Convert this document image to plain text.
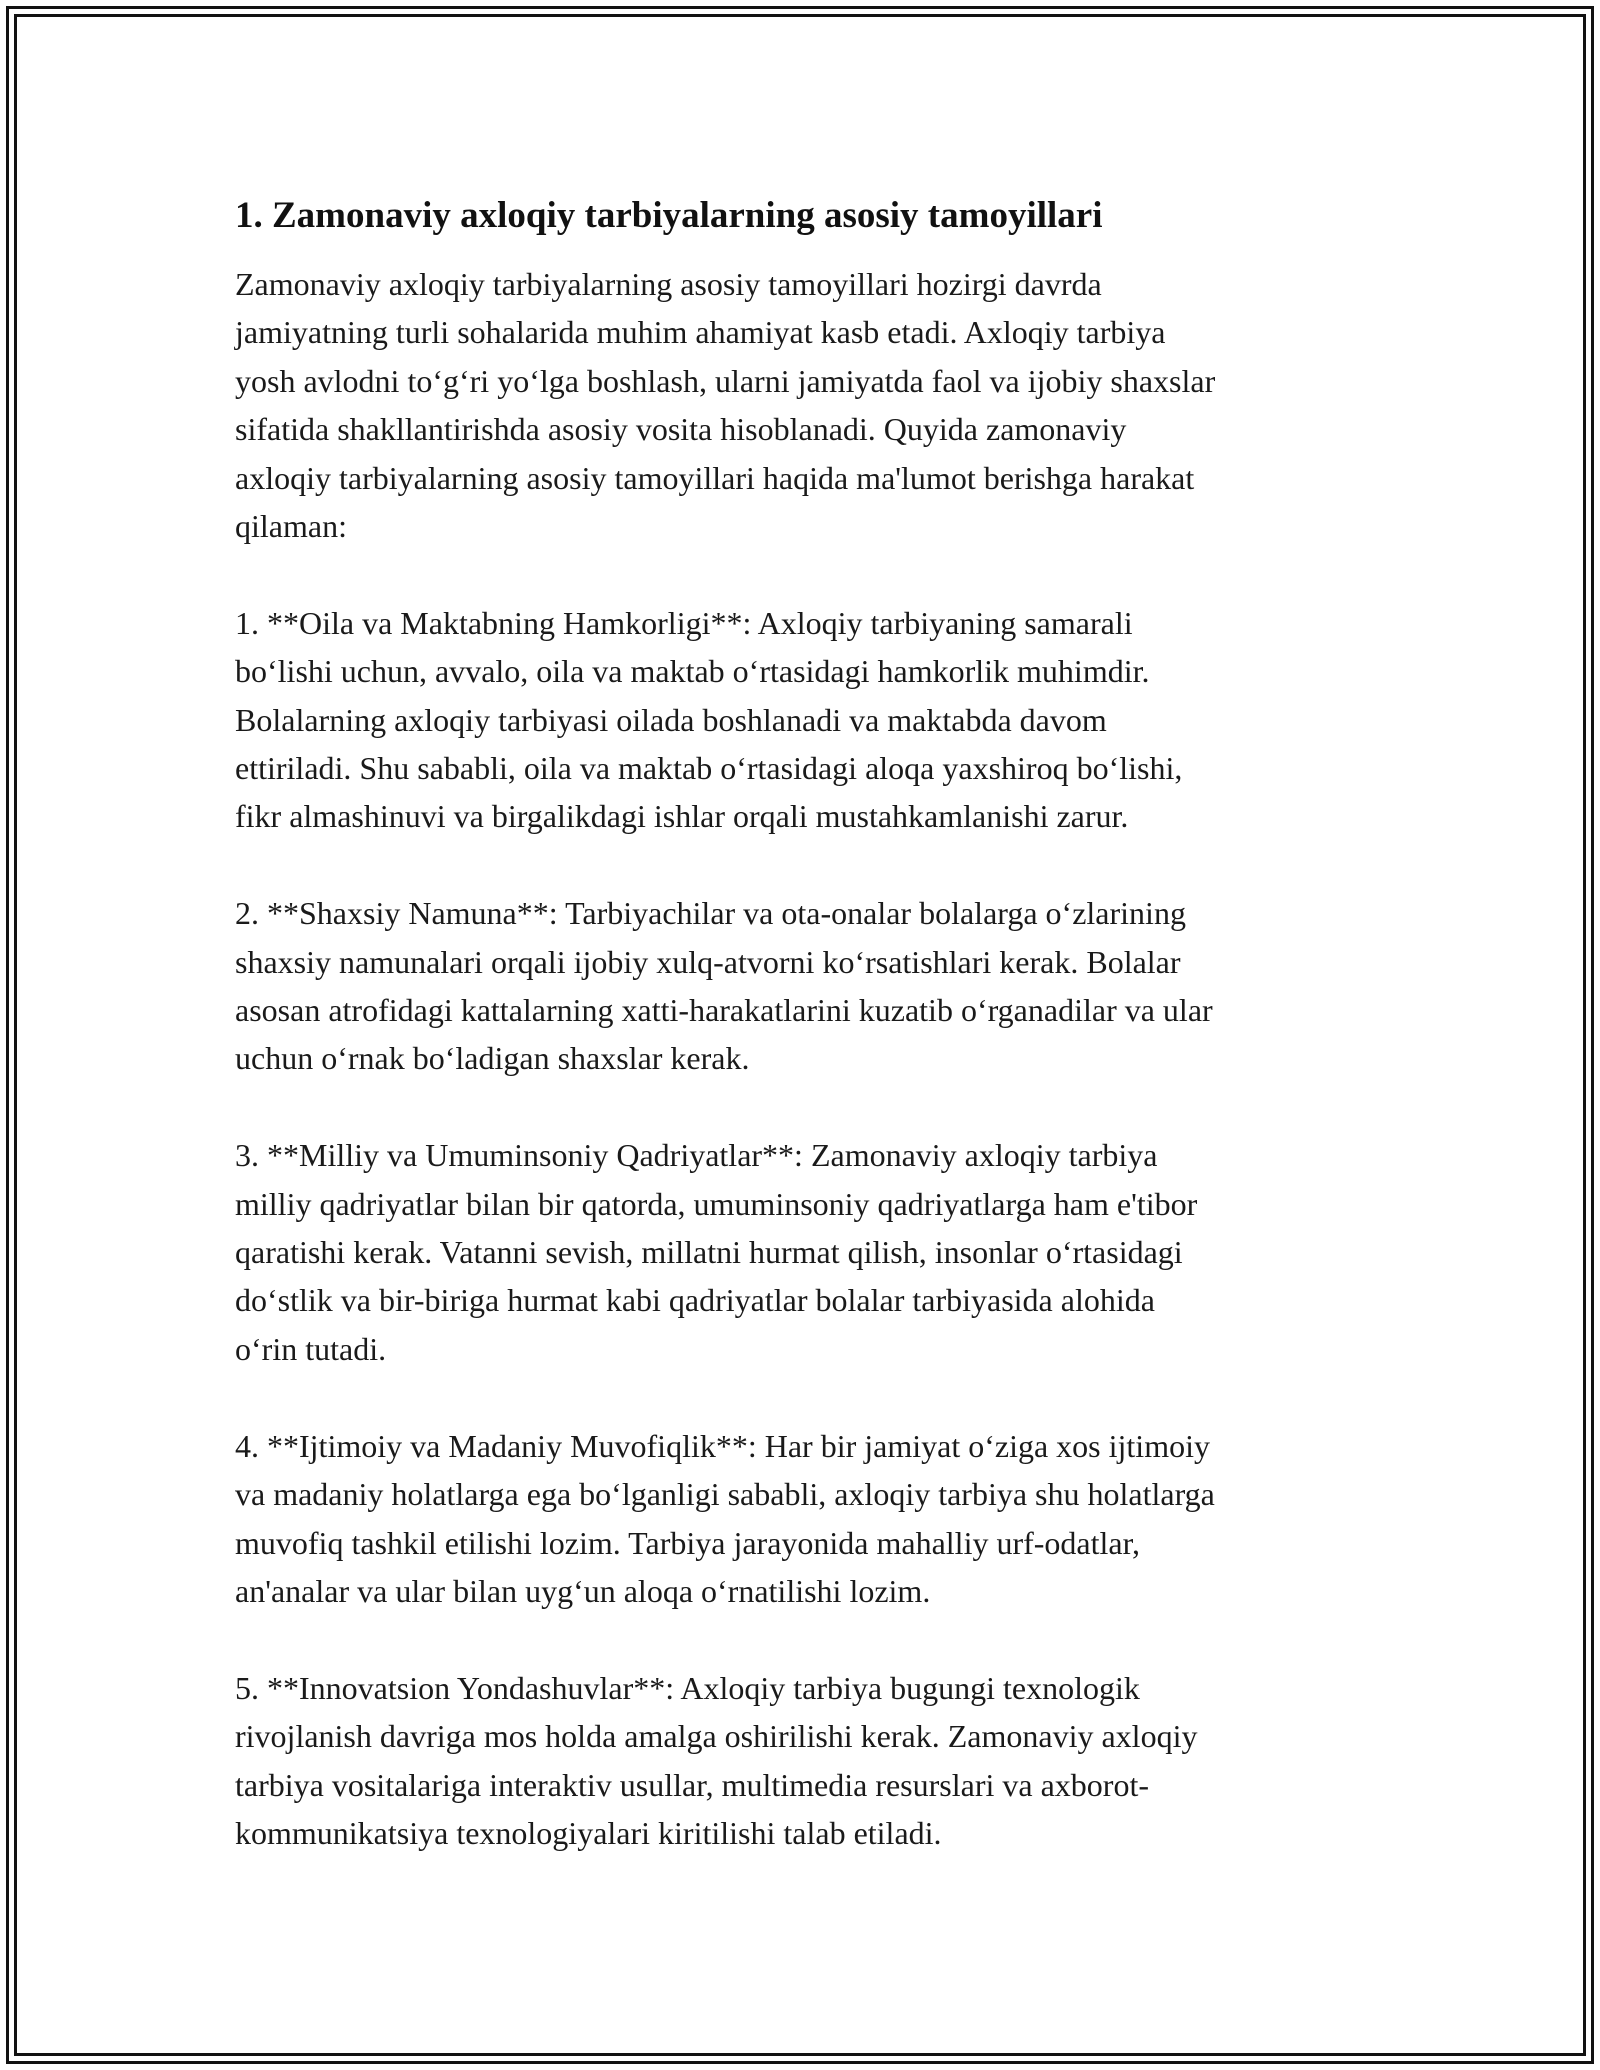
1. Zamonaviy axloqiy tarbiyalarning asosiy tamoyillari

Zamonaviy axloqiy tarbiyalarning asosiy tamoyillari hozirgi davrda
jamiyatning turli sohalarida muhim ahamiyat kasb etadi. Axloqiy tarbiya
yosh avlodni to‘g‘ri yo‘lga boshlash, ularni jamiyatda faol va ijobiy shaxslar
sifatida shakllantirishda asosiy vosita hisoblanadi. Quyida zamonaviy
axloqiy tarbiyalarning asosiy tamoyillari haqida ma'lumot berishga harakat
qilaman:

1. **Oila va Maktabning Hamkorligi**: Axloqiy tarbiyaning samarali
bo‘lishi uchun, avvalo, oila va maktab o‘rtasidagi hamkorlik muhimdir.
Bolalarning axloqiy tarbiyasi oilada boshlanadi va maktabda davom
ettiriladi. Shu sababli, oila va maktab o‘rtasidagi aloqa yaxshiroq bo‘lishi,
fikr almashinuvi va birgalikdagi ishlar orqali mustahkamlanishi zarur.

2. **Shaxsiy Namuna**: Tarbiyachilar va ota-onalar bolalarga o‘zlarining
shaxsiy namunalari orqali ijobiy xulq-atvorni ko‘rsatishlari kerak. Bolalar
asosan atrofidagi kattalarning xatti-harakatlarini kuzatib o‘rganadilar va ular
uchun o‘rnak bo‘ladigan shaxslar kerak.

3. **Milliy va Umuminsoniy Qadriyatlar**: Zamonaviy axloqiy tarbiya
milliy qadriyatlar bilan bir qatorda, umuminsoniy qadriyatlarga ham e'tibor
qaratishi kerak. Vatanni sevish, millatni hurmat qilish, insonlar o‘rtasidagi
do‘stlik va bir-biriga hurmat kabi qadriyatlar bolalar tarbiyasida alohida
o‘rin tutadi.

4. **Ijtimoiy va Madaniy Muvofiqlik**: Har bir jamiyat o‘ziga xos ijtimoiy
va madaniy holatlarga ega bo‘lganligi sababli, axloqiy tarbiya shu holatlarga
muvofiq tashkil etilishi lozim. Tarbiya jarayonida mahalliy urf-odatlar,
an'analar va ular bilan uyg‘un aloqa o‘rnatilishi lozim.

5. **Innovatsion Yondashuvlar**: Axloqiy tarbiya bugungi texnologik
rivojlanish davriga mos holda amalga oshirilishi kerak. Zamonaviy axloqiy
tarbiya vositalariga interaktiv usullar, multimedia resurslari va axborot-
kommunikatsiya texnologiyalari kiritilishi talab etiladi.
